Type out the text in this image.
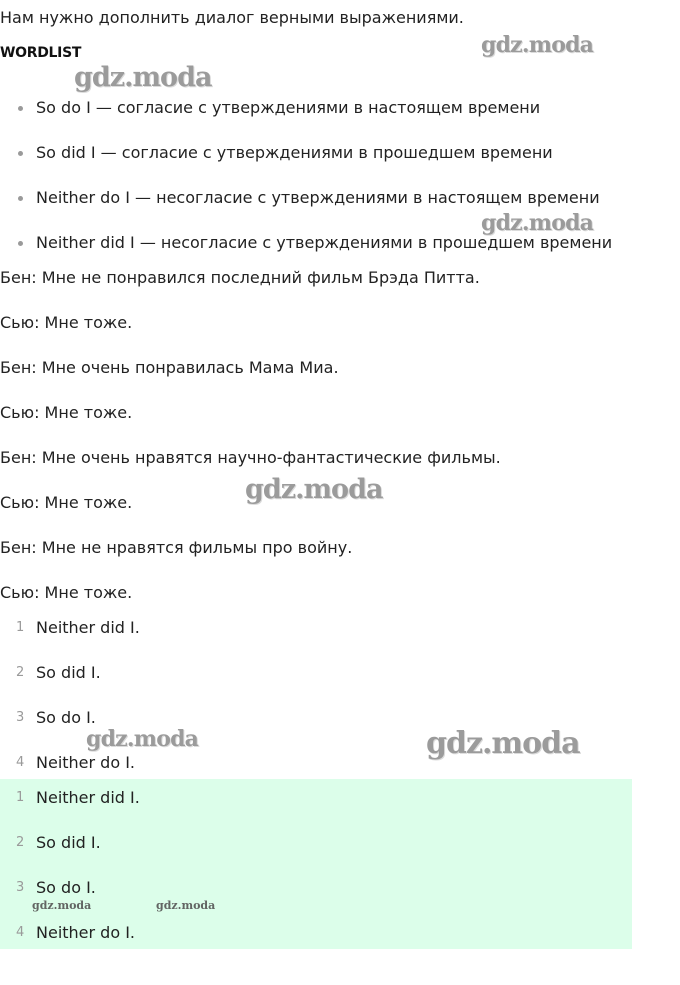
Нам нужно дополнить диалог верными выражениями.
WORDLIST
So do I — согласие с утверждениями в настоящем времени
So did I — согласие с утверждениями в прошедшем времени
Neither do I — несогласие с утверждениями в настоящем времени
Neither did I — несогласие с утверждениями в прошедшем времени
Бен: Мне не понравился последний фильм Брэда Питта.
Сью: Мне тоже.
Бен: Мне очень понравилась Мама Миа.
Сью: Мне тоже.
Бен: Мне очень нравятся научно-фантастические фильмы.
Сью: Мне тоже.
Бен: Мне не нравятся фильмы про войну.
Сью: Мне тоже.
1 Neither did I.
2 So did I.
3 So do I.
4 Neither do I.
1 Neither did I.
2 So did I.
3 So do I.
4 Neither do I.
gdz.moda
gdz.moda
gdz.moda
gdz.moda
gdz.moda	gdz.moda
gdz.moda	gdz.moda
